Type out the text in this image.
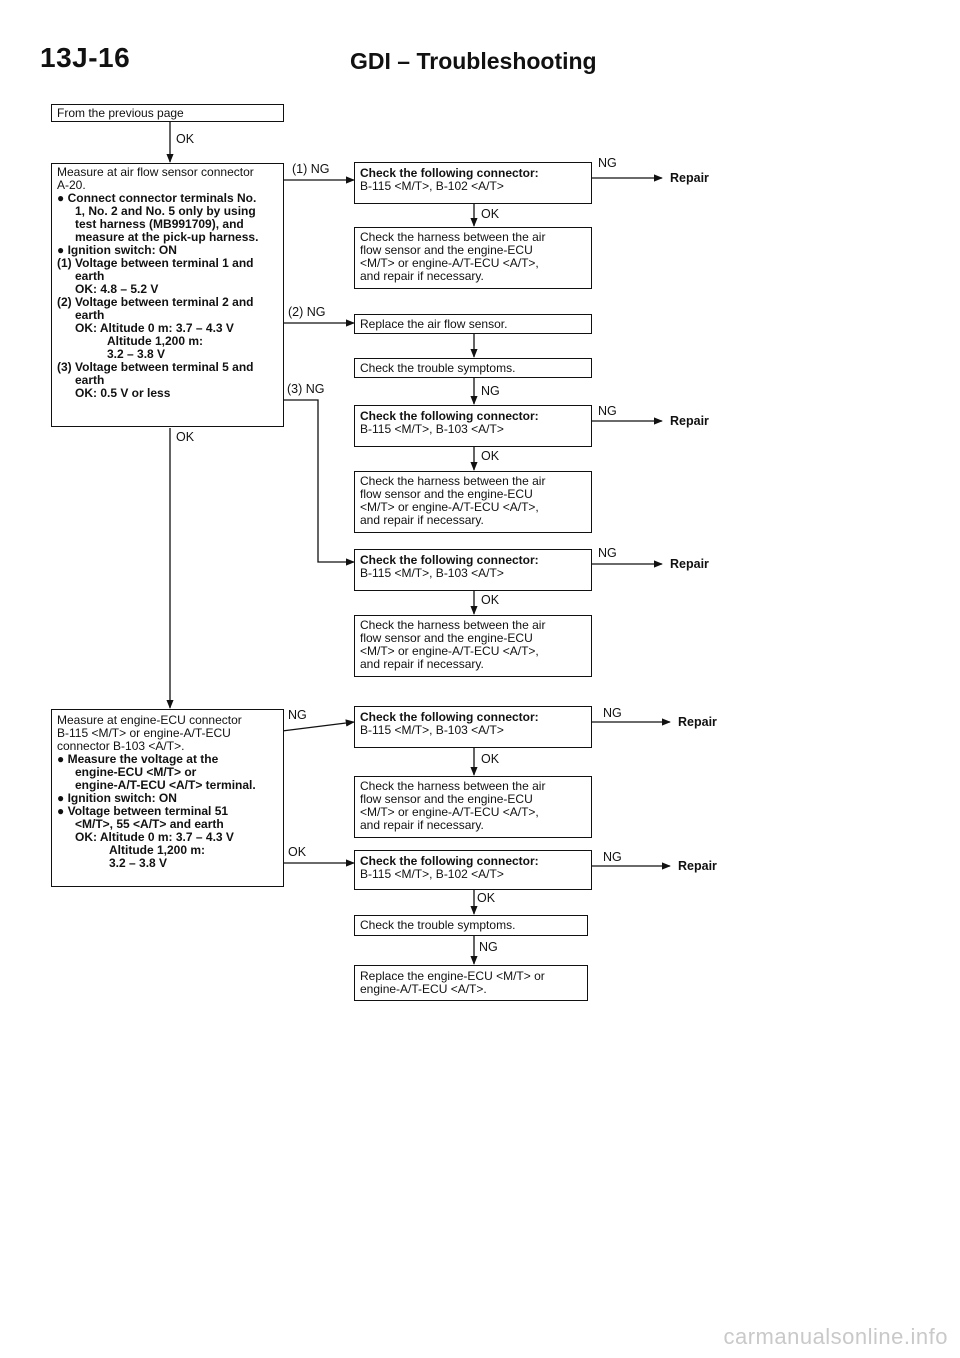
13J-16	GDI – Troubleshooting
From the previous page
Measure at air flow sensor connector
A-20.
● Connect connector terminals No.
1, No. 2 and No. 5 only by using
test harness (MB991709), and
measure at the pick-up harness.
● Ignition switch: ON
(1) Voltage between terminal 1 and
earth
OK: 4.8 – 5.2 V
(2) Voltage between terminal 2 and
earth
OK: Altitude 0 m: 3.7 – 4.3 V
Altitude 1,200 m:
3.2 – 3.8 V
(3) Voltage between terminal 5 and
earth
OK: 0.5 V or less
Check the following connector:
B-115 <M/T>, B-102 <A/T>
Check the harness between the air
flow sensor and the engine-ECU
<M/T> or engine-A/T-ECU <A/T>,
and repair if necessary.
Replace the air flow sensor.
Check the trouble symptoms.
Check the following connector:
B-115 <M/T>, B-103 <A/T>
Check the harness between the air
flow sensor and the engine-ECU
<M/T> or engine-A/T-ECU <A/T>,
and repair if necessary.
Check the following connector:
B-115 <M/T>, B-103 <A/T>
Check the harness between the air
flow sensor and the engine-ECU
<M/T> or engine-A/T-ECU <A/T>,
and repair if necessary.
Measure at engine-ECU connector
B-115 <M/T> or engine-A/T-ECU
connector B-103 <A/T>.
● Measure the voltage at the
engine-ECU <M/T> or
engine-A/T-ECU <A/T> terminal.
● Ignition switch: ON
● Voltage between terminal 51
<M/T>, 55 <A/T> and earth
OK: Altitude 0 m: 3.7 – 4.3 V
Altitude 1,200 m:
3.2 – 3.8 V
Check the following connector:
B-115 <M/T>, B-103 <A/T>
Check the harness between the air
flow sensor and the engine-ECU
<M/T> or engine-A/T-ECU <A/T>,
and repair if necessary.
Check the following connector:
B-115 <M/T>, B-102 <A/T>
Check the trouble symptoms.
Replace the engine-ECU <M/T> or
engine-A/T-ECU <A/T>.
OK
(1) NG	NG
Repair
OK
(2) NG
(3) NG	NG
NG
Repair
OK
OK
NG
Repair
OK
NG	NG
Repair
OK
OK	NG
Repair
OK
NG
carmanualsonline.info
